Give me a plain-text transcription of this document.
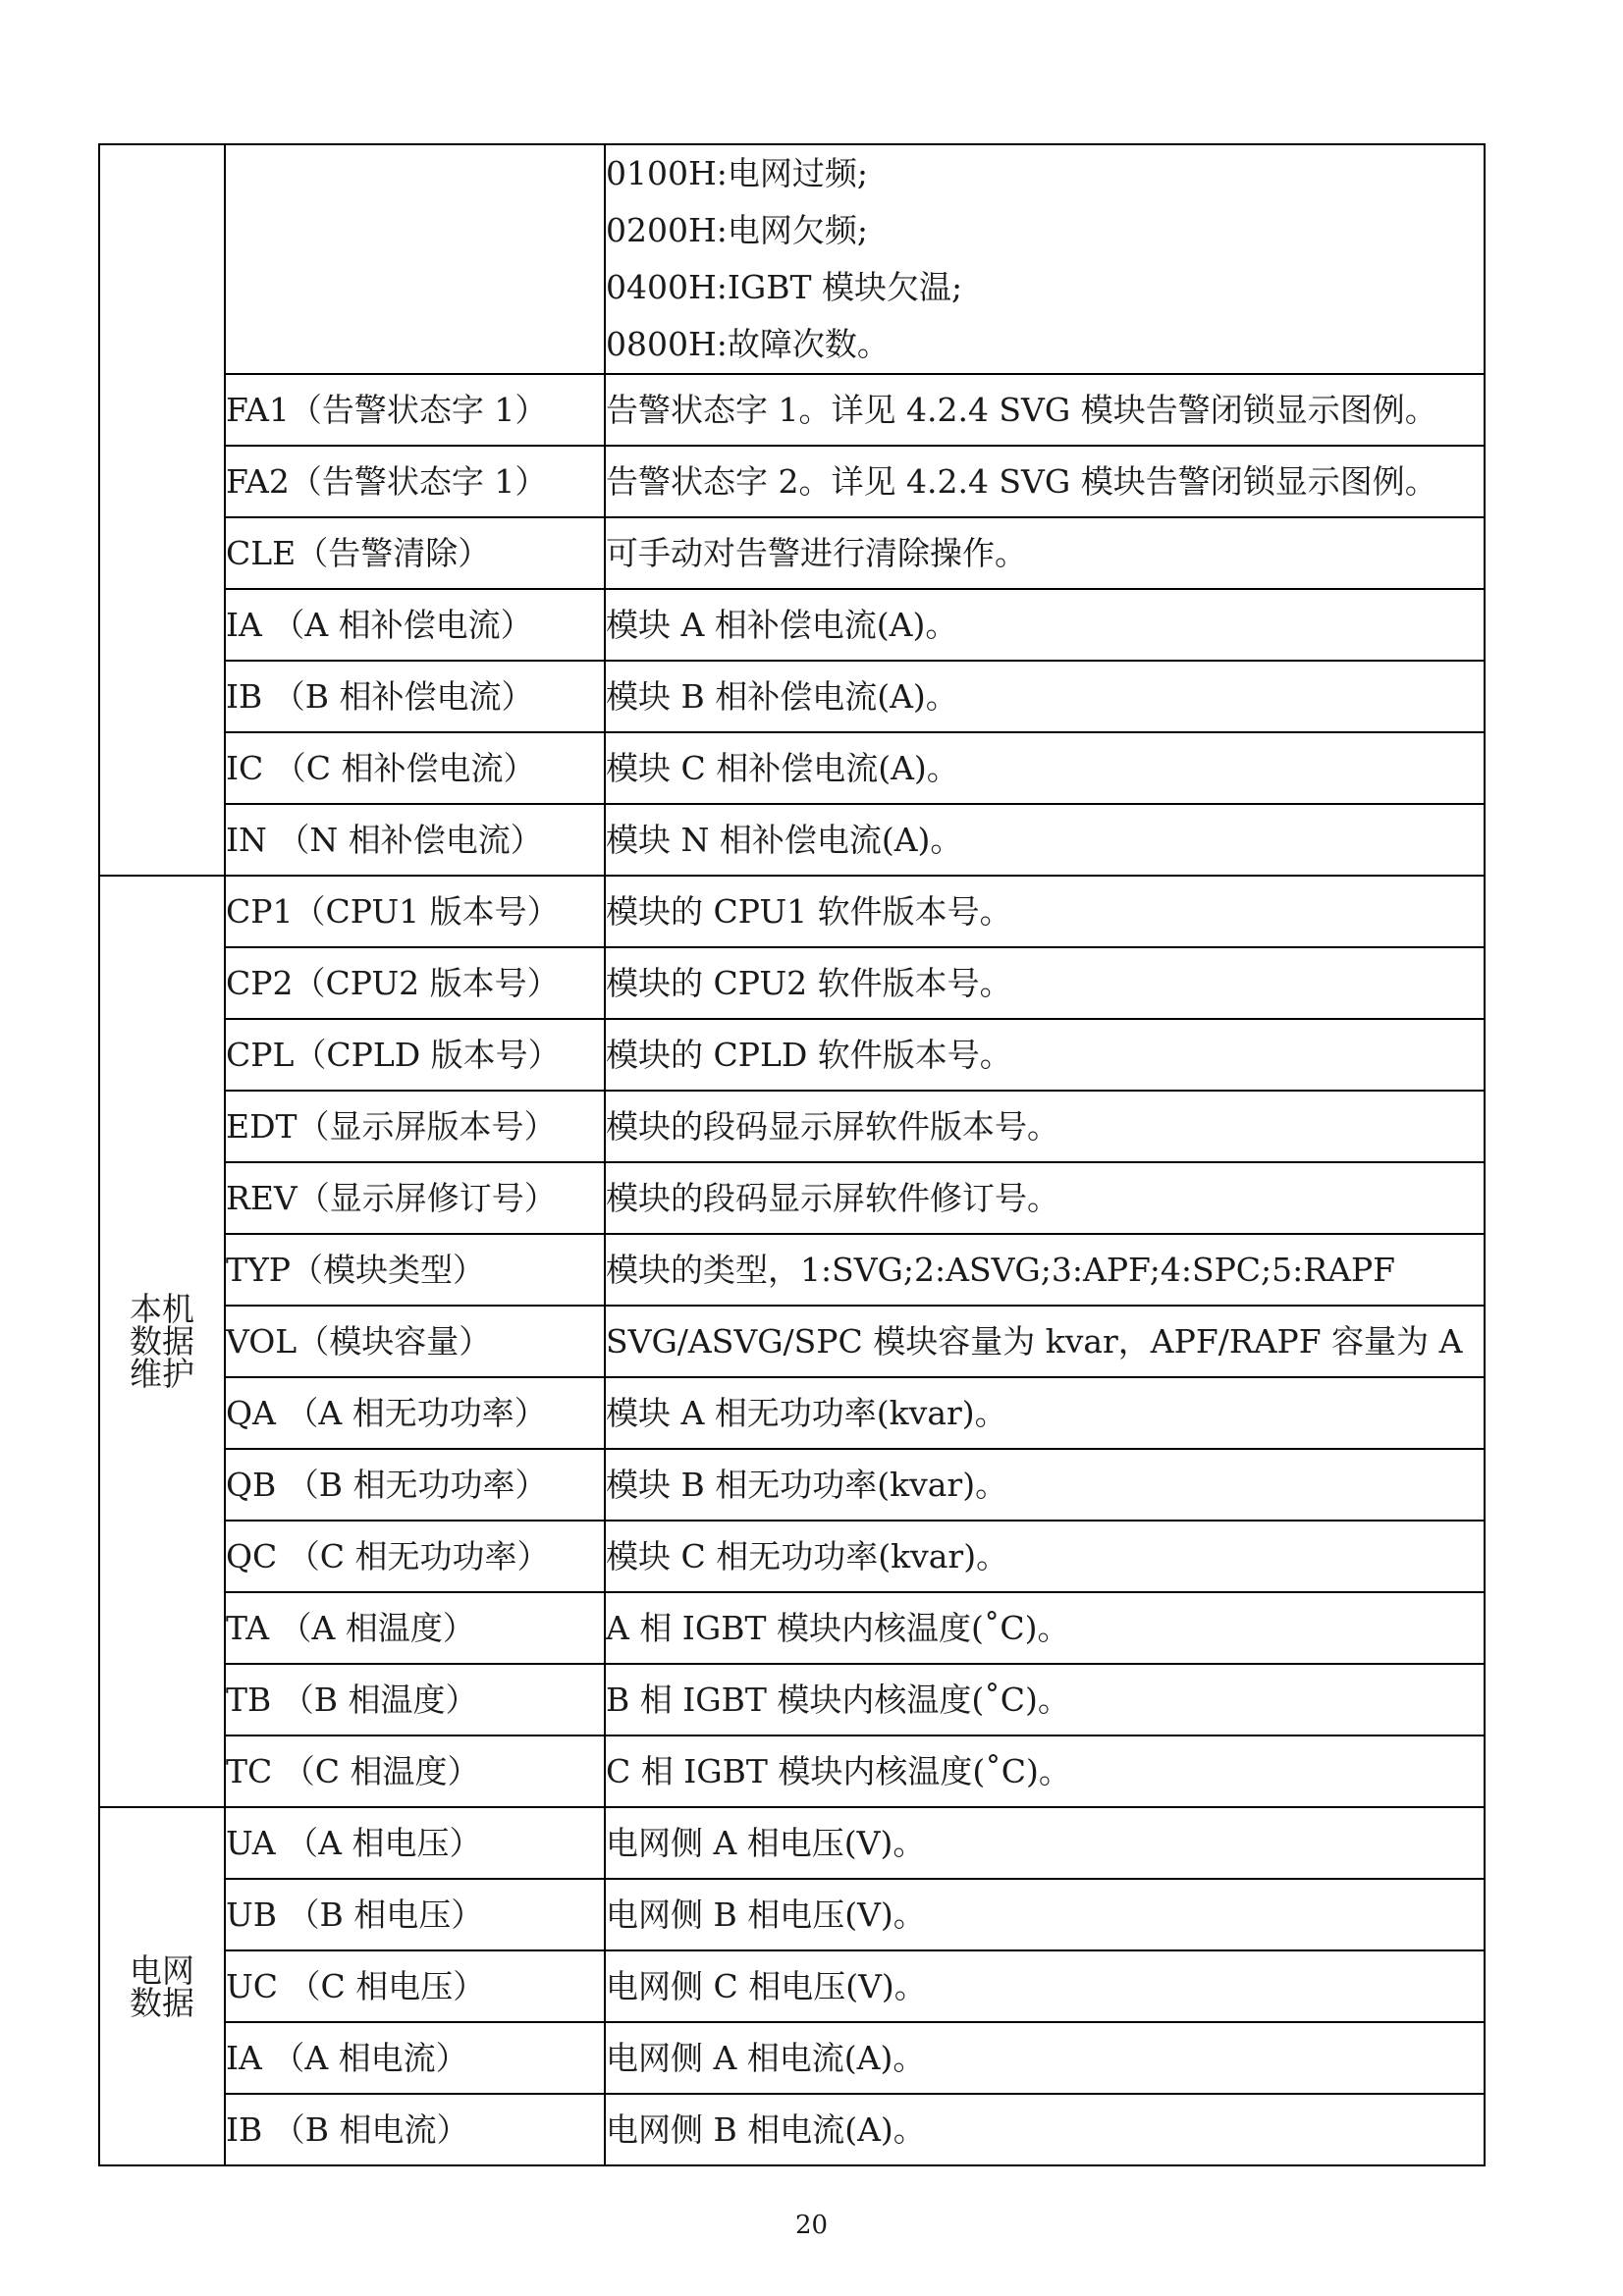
		0100H:电网过频;
0200H:电网欠频;
0400H:IGBT 模块欠温;
0800H:故障次数。

	FA1（告警状态字 1）	告警状态字 1。详见 4.2.4 SVG 模块告警闭锁显示图例。
	FA2（告警状态字 1）	告警状态字 2。详见 4.2.4 SVG 模块告警闭锁显示图例。
	CLE（告警清除）	可手动对告警进行清除操作。
	IA （A 相补偿电流）	模块 A 相补偿电流(A)。
	IB （B 相补偿电流）	模块 B 相补偿电流(A)。
	IC （C 相补偿电流）	模块 C 相补偿电流(A)。
	IN （N 相补偿电流）	模块 N 相补偿电流(A)。
本机
数据
维护	CP1（CPU1 版本号）	模块的 CPU1 软件版本号。
	CP2（CPU2 版本号）	模块的 CPU2 软件版本号。
	CPL（CPLD 版本号）	模块的 CPLD 软件版本号。
	EDT（显示屏版本号）	模块的段码显示屏软件版本号。
	REV（显示屏修订号）	模块的段码显示屏软件修订号。
	TYP（模块类型）	模块的类型，1:SVG;2:ASVG;3:APF;4:SPC;5:RAPF
	VOL（模块容量）	SVG/ASVG/SPC 模块容量为 kvar，APF/RAPF 容量为 A
	QA （A 相无功功率）	模块 A 相无功功率(kvar)。
	QB （B 相无功功率）	模块 B 相无功功率(kvar)。
	QC （C 相无功功率）	模块 C 相无功功率(kvar)。
	TA （A 相温度）	A 相 IGBT 模块内核温度(˚C)。
	TB （B 相温度）	B 相 IGBT 模块内核温度(˚C)。
	TC （C 相温度）	C 相 IGBT 模块内核温度(˚C)。
电网
数据	UA （A 相电压）	电网侧 A 相电压(V)。
	UB （B 相电压）	电网侧 B 相电压(V)。
	UC （C 相电压）	电网侧 C 相电压(V)。
	IA （A 相电流）	电网侧 A 相电流(A)。
	IB （B 相电流）	电网侧 B 相电流(A)。
20
